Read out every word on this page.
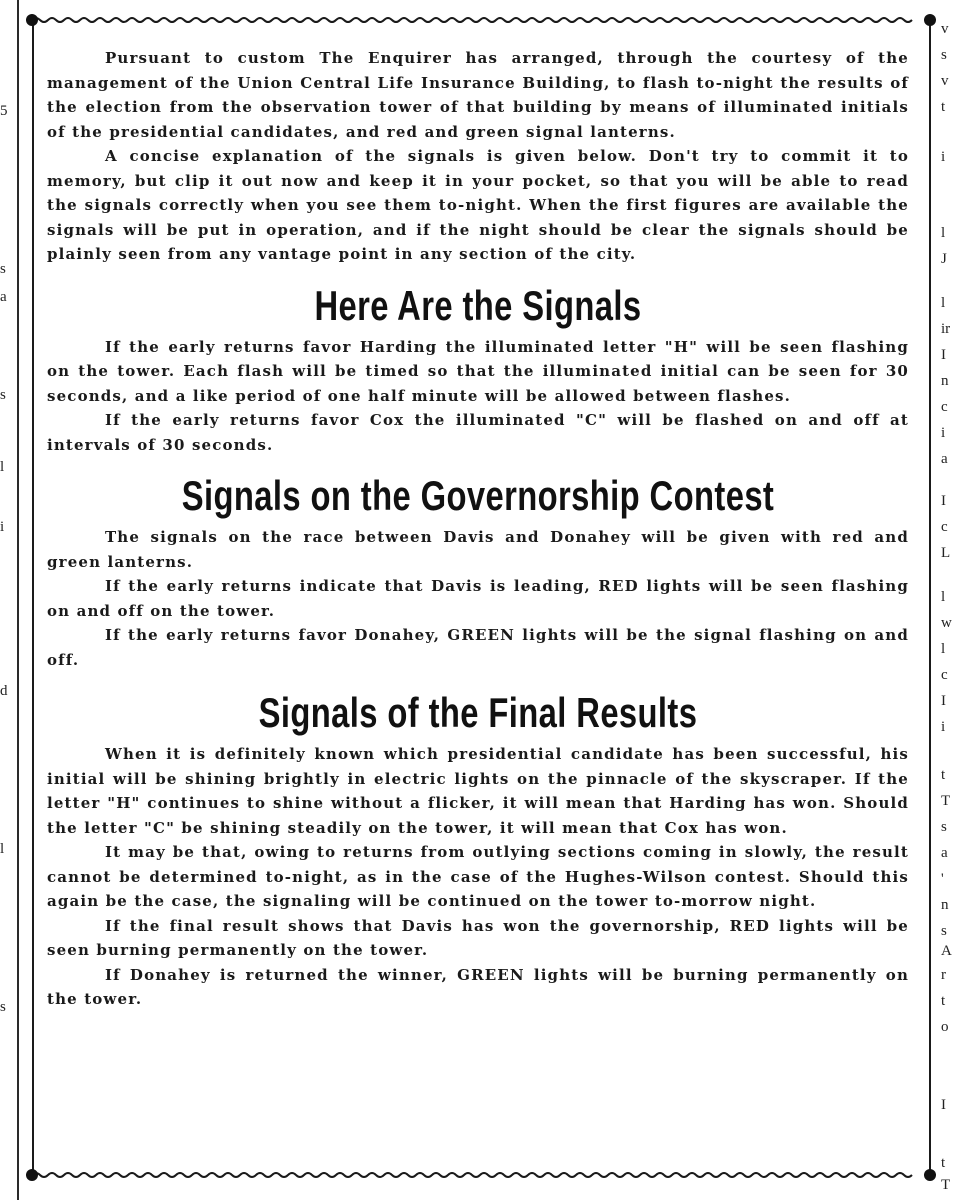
5
s
a
s
l
i
d
l
s
v
s
v
t
i
l
J
l
ir
I
n
c
i
a
I
c
L
l
w
l
c
I
i
t
T
s
a
'
n
s
A
r
t
o
I
t
T

Pursuant to custom The Enquirer has arranged, through the courtesy of the management of the Union Central Life Insurance Building, to flash to-night the results of the election from the observation tower of that building by means of illuminated initials of the presidential candidates, and red and green signal lanterns.

A concise explanation of the signals is given below. Don't try to commit it to memory, but clip it out now and keep it in your pocket, so that you will be able to read the signals correctly when you see them to-night. When the first figures are available the signals will be put in operation, and if the night should be clear the signals should be plainly seen from any vantage point in any section of the city.

Here Are the Signals

If the early returns favor Harding the illuminated letter "H" will be seen flashing on the tower. Each flash will be timed so that the illuminated initial can be seen for 30 seconds, and a like period of one half minute will be allowed between flashes.

If the early returns favor Cox the illuminated "C" will be flashed on and off at intervals of 30 seconds.

Signals on the Governorship Contest

The signals on the race between Davis and Donahey will be given with red and green lanterns.

If the early returns indicate that Davis is leading, RED lights will be seen flashing on and off on the tower.

If the early returns favor Donahey, GREEN lights will be the signal flashing on and off.

Signals of the Final Results

When it is definitely known which presidential candidate has been successful, his initial will be shining brightly in electric lights on the pinnacle of the skyscraper. If the letter "H" continues to shine without a flicker, it will mean that Harding has won. Should the letter "C" be shining steadily on the tower, it will mean that Cox has won.

It may be that, owing to returns from outlying sections coming in slowly, the result cannot be determined to-night, as in the case of the Hughes-Wilson contest. Should this again be the case, the signaling will be continued on the tower to-morrow night.

If the final result shows that Davis has won the governorship, RED lights will be seen burning permanently on the tower.

If Donahey is returned the winner, GREEN lights will be burning permanently on the tower.
